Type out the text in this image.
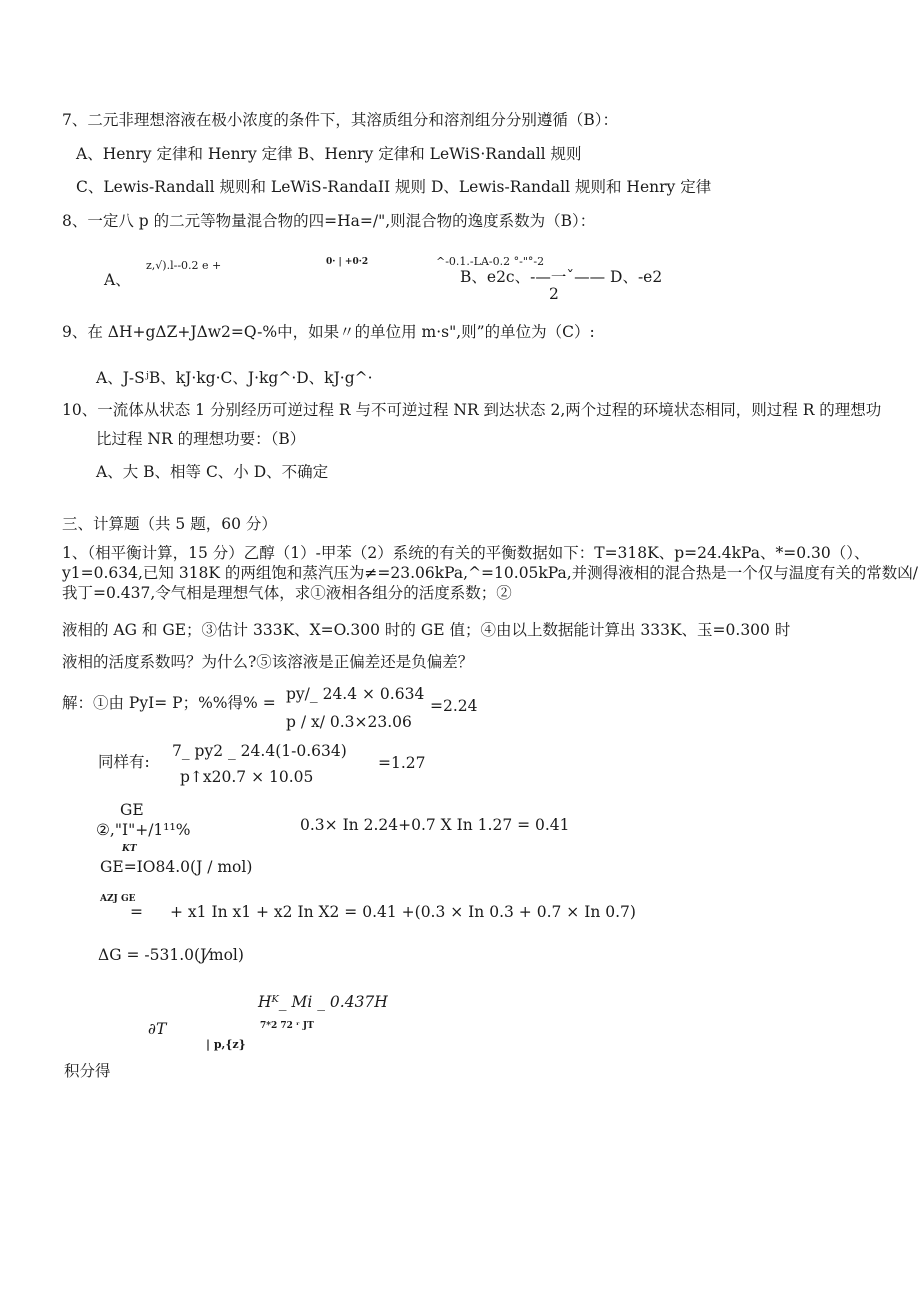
7、二元非理想溶液在极小浓度的条件下，其溶质组分和溶剂组分分别遵循（B）：
A、Henry 定律和 Henry 定律 B、Henry 定律和 LeWiS·Randall 规则
C、Lewis-Randall 规则和 LeWiS-RandaII 规则 D、Lewis-Randall 规则和 Henry 定律
8、一定八 p 的二元等物量混合物的四=Ha=/",则混合物的逸度系数为（B）：
A、
z,√).l--0.2 e +	0· | +0·2	^-0.1.-LA-0.2 °-"°-2
B、e2c、-—一ˇ—— D、-e2
2
9、在 ΔH+gΔZ+JΔw2=Q-%中，如果〃的单位用 m·s",则”的单位为（C）:
A、J-SʲB、kJ·kg·C、J·kg^·D、kJ·g^·
10、一流体从状态 1 分别经历可逆过程 R 与不可逆过程 NR 到达状态 2,两个过程的环境状态相同，则过程 R 的理想功
比过程 NR 的理想功要：（B）
A、大 B、相等 C、小 D、不确定
三、计算题（共 5 题，60 分）
1、（相平衡计算，15 分）乙醇（1）-甲苯（2）系统的有关的平衡数据如下：T=318K、p=24.4kPa、*=0.30（）、
y1=0.634,已知 318K 的两组饱和蒸汽压为≠=23.06kPa,^=10.05kPa,并测得液相的混合热是一个仅与温度有关的常数凶/
我丁=0.437,令气相是理想气体，求①液相各组分的活度系数；②
液相的 AG 和 GE；③估计 333K、X=O.300 时的 GE 值；④由以上数据能计算出 333K、玉=0.300 时
液相的活度系数吗？为什么?⑤该溶液是正偏差还是负偏差？
解：①由 PyI= P；%%得% = py/_ 24.4 × 0.634
p / x/ 0.3×23.06
=2.24
同样有:
7_ py2 _ 24.4(1-0.634)
p↑x20.7 × 10.05
=1.27
GE
②,"I"+/1¹¹%
KT
0.3× In 2.24+0.7 X In 1.27 = 0.41
GE=IO84.0(J / mol)
AZJ GE
= + x1 In x1 + x2 In X2 = 0.41 +(0.3 × In 0.3 + 0.7 × In 0.7)
ΔG = -531.0(J⁄mol)
Hᴷ_ Mi _ 0.437H
7*2 72 ʳ JT
∂T
| p,{z}
积分得
